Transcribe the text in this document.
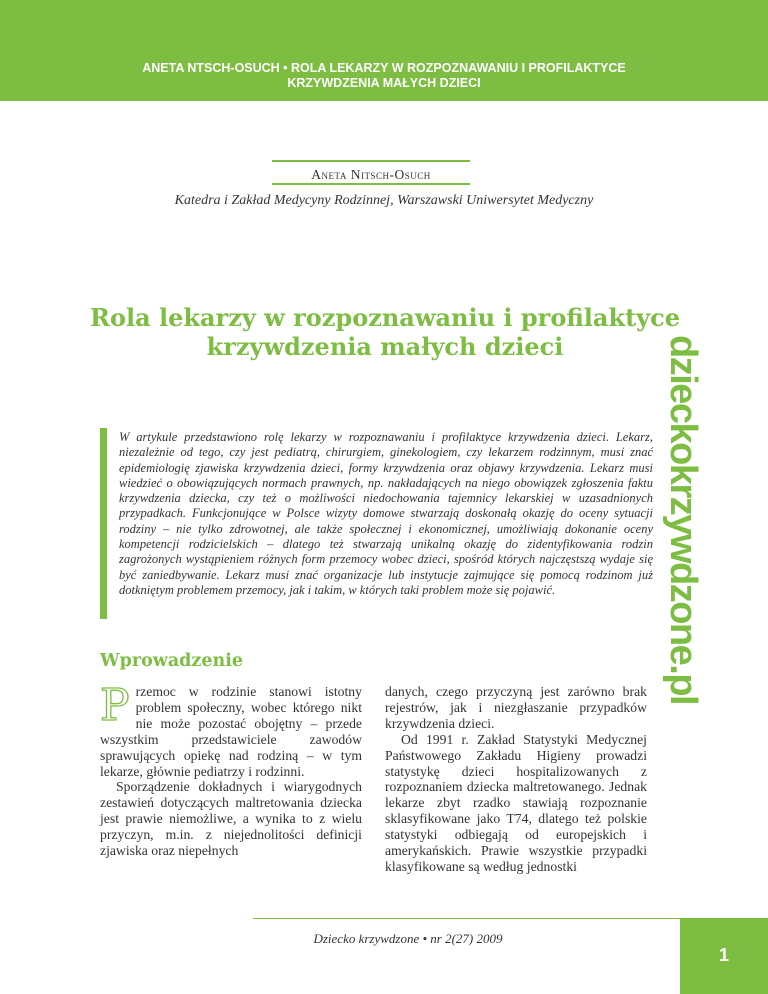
ANETA NTSCH-OSUCH • ROLA LEKARZY W ROZPOZNAWANIU I PROFILAKTYCE
KRZYWDZENIA MAŁYCH DZIECI
Aneta Nitsch-Osuch
Katedra i Zakład Medycyny Rodzinnej, Warszawski Uniwersytet Medyczny
Rola lekarzy w rozpoznawaniu i profilaktyce
krzywdzenia małych dzieci	dzieckokrzywdzone.pl

W artykule przedstawiono rolę lekarzy w rozpoznawaniu i profilaktyce krzywdzenia dzieci. Lekarz, niezależnie od tego, czy jest pediatrą, chirurgiem, ginekologiem, czy lekarzem rodzinnym, musi znać epidemiologię zjawiska krzywdzenia dzieci, formy krzywdzenia oraz objawy krzywdzenia. Lekarz musi wiedzieć o obowiązujących normach prawnych, np. nakładających na niego obowiązek zgłoszenia faktu krzywdzenia dziecka, czy też o możliwości niedochowania tajemnicy lekarskiej w uzasadnionych przypadkach. Funkcjonujące w Polsce wizyty domowe stwarzają doskonałą okazję do oceny sytuacji rodziny – nie tylko zdrowotnej, ale także społecznej i ekonomicznej, umożliwiają dokonanie oceny kompetencji rodzicielskich – dlatego też stwarzają unikalną okazję do zidentyfikowania rodzin zagrożonych wystąpieniem różnych form przemocy wobec dzieci, spośród których najczęstszą wydaje się być zaniedbywanie. Lekarz musi znać organizacje lub instytucje zajmujące się pomocą rodzinom już dotkniętym problemem przemocy, jak i takim, w których taki problem może się pojawić.

Wprowadzenie

Przemoc w rodzinie stanowi istotny problem społeczny, wobec którego nikt nie może pozostać obojętny – przede wszystkim przedstawiciele zawodów sprawujących opiekę nad rodziną – w tym lekarze, głównie pediatrzy i rodzinni.

Sporządzenie dokładnych i wiarygodnych zestawień dotyczących maltretowania dziecka jest prawie niemożliwe, a wynika to z wielu przyczyn, m.in. z niejednolitości definicji zjawiska oraz niepełnych

danych, czego przyczyną jest zarówno brak rejestrów, jak i niezgłaszanie przypadków krzywdzenia dzieci.

Od 1991 r. Zakład Statystyki Medycznej Państwowego Zakładu Higieny prowadzi statystykę dzieci hospitalizowanych z rozpoznaniem dziecka maltretowanego. Jednak lekarze zbyt rzadko stawiają rozpoznanie sklasyfikowane jako T74, dlatego też polskie statystyki odbiegają od europejskich i amerykańskich. Prawie wszystkie przypadki klasyfikowane są według jednostki

Dziecko krzywdzone • nr 2(27) 2009
1
